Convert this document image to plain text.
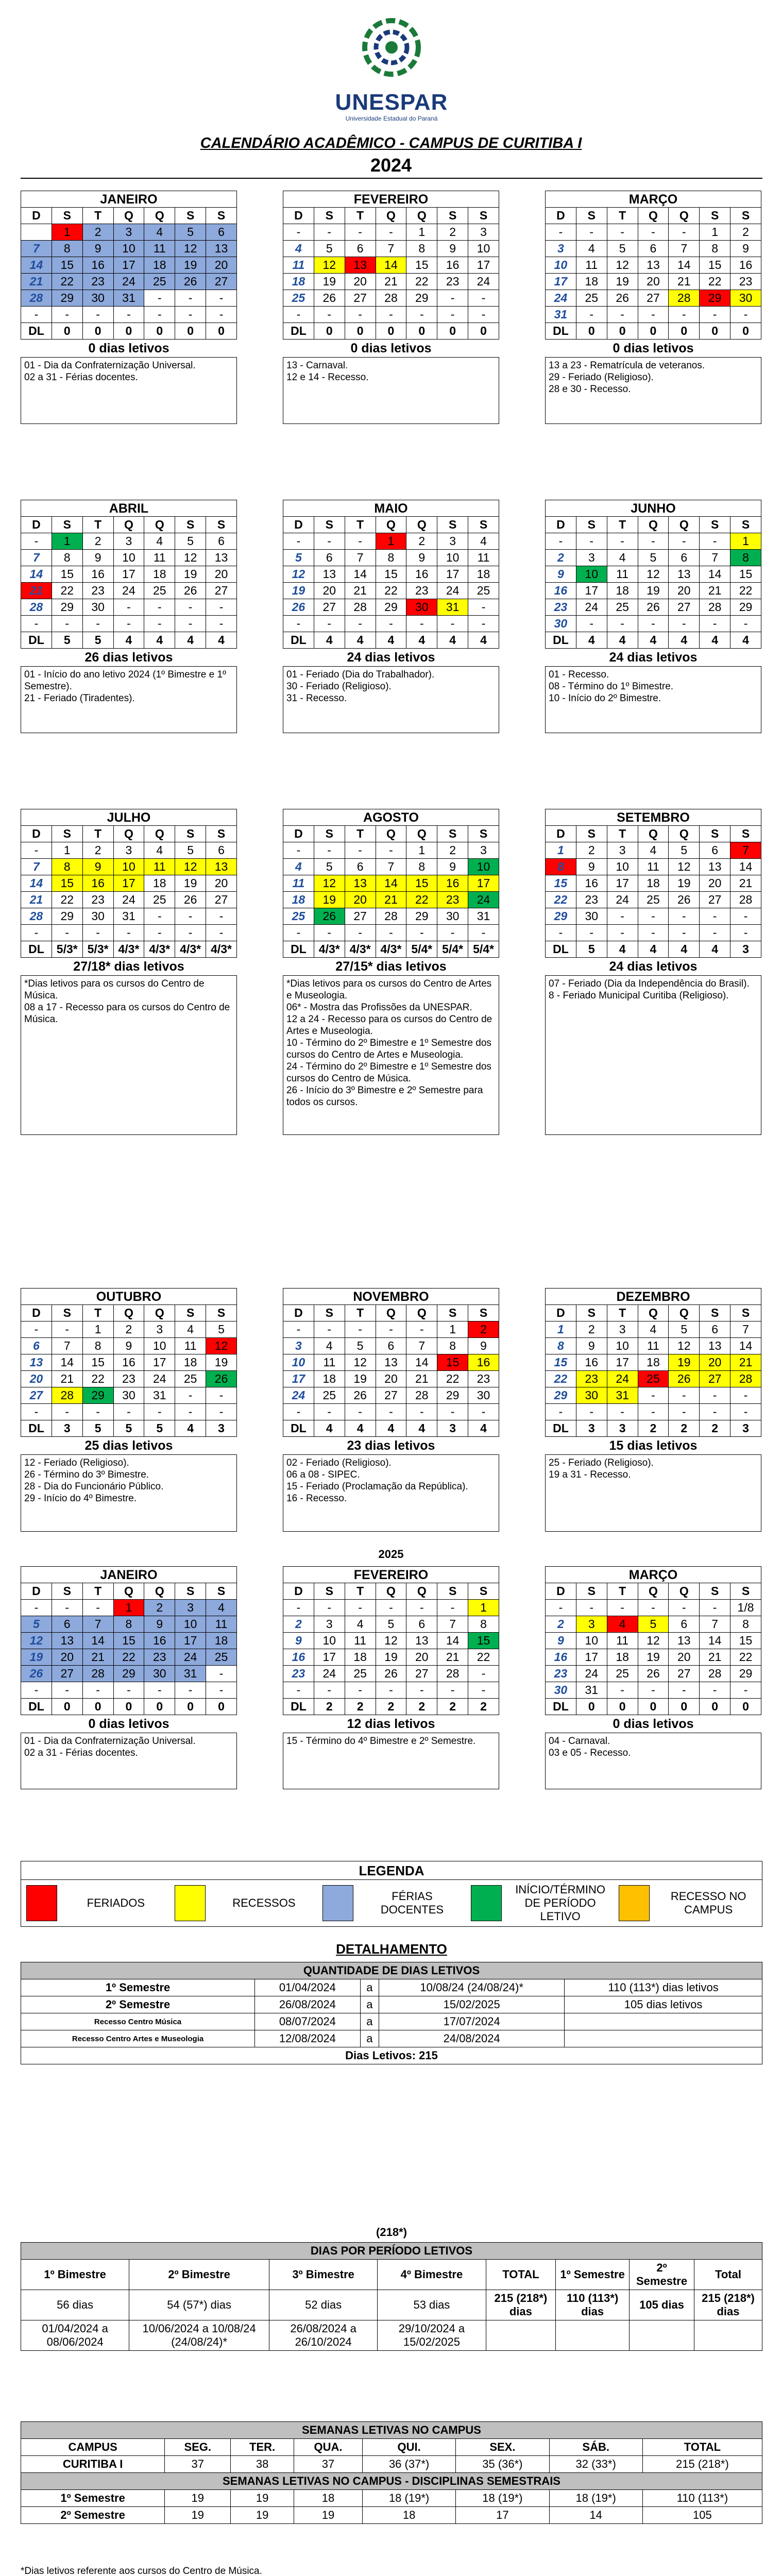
UNESPAR
Universidade Estadual do Paraná
CALENDÁRIO ACADÊMICO - CAMPUS DE CURITIBA I
2024
2025
JANEIRO
D	S	T	Q	Q	S	S
	1	2	3	4	5	6
7	8	9	10	11	12	13
14	15	16	17	18	19	20
21	22	23	24	25	26	27
28	29	30	31	-	-	-
-	-	-	-	-	-	-
DL	0	0	0	0	0	0
0 dias letivos
01 - Dia da Confraternização Universal.
02 a 31 - Férias docentes.
FEVEREIRO
D	S	T	Q	Q	S	S
-	-	-	-	1	2	3
4	5	6	7	8	9	10
11	12	13	14	15	16	17
18	19	20	21	22	23	24
25	26	27	28	29	-	-
-	-	-	-	-	-	-
DL	0	0	0	0	0	0
0 dias letivos
13 - Carnaval.
12 e 14 - Recesso.
MARÇO
D	S	T	Q	Q	S	S
-	-	-	-	-	1	2
3	4	5	6	7	8	9
10	11	12	13	14	15	16
17	18	19	20	21	22	23
24	25	26	27	28	29	30
31	-	-	-	-	-	-
DL	0	0	0	0	0	0
0 dias letivos
13 a 23 - Rematrícula de veteranos.
29 - Feriado (Religioso).
28 e 30 - Recesso.
ABRIL
D	S	T	Q	Q	S	S
-	1	2	3	4	5	6
7	8	9	10	11	12	13
14	15	16	17	18	19	20
21	22	23	24	25	26	27
28	29	30	-	-	-	-
-	-	-	-	-	-	-
DL	5	5	4	4	4	4
26 dias letivos
01 - Início do ano letivo 2024 (1º Bimestre e 1º Semestre).
21 - Feriado (Tiradentes).
MAIO
D	S	T	Q	Q	S	S
-	-	-	1	2	3	4
5	6	7	8	9	10	11
12	13	14	15	16	17	18
19	20	21	22	23	24	25
26	27	28	29	30	31	-
-	-	-	-	-	-	-
DL	4	4	4	4	4	4
24 dias letivos
01 - Feriado (Dia do Trabalhador).
30 - Feriado (Religioso).
31 - Recesso.
JUNHO
D	S	T	Q	Q	S	S
-	-	-	-	-	-	1
2	3	4	5	6	7	8
9	10	11	12	13	14	15
16	17	18	19	20	21	22
23	24	25	26	27	28	29
30	-	-	-	-	-	-
DL	4	4	4	4	4	4
24 dias letivos
01 - Recesso.
08 - Término do 1º Bimestre.
10 - Início do 2º Bimestre.
JULHO
D	S	T	Q	Q	S	S
-	1	2	3	4	5	6
7	8	9	10	11	12	13
14	15	16	17	18	19	20
21	22	23	24	25	26	27
28	29	30	31	-	-	-
-	-	-	-	-	-	-
DL	5/3*	5/3*	4/3*	4/3*	4/3*	4/3*
27/18* dias letivos
*Dias letivos para os cursos do Centro de Música.
08 a 17 - Recesso para os cursos do Centro de Música.
AGOSTO
D	S	T	Q	Q	S	S
-	-	-	-	1	2	3
4	5	6	7	8	9	10
11	12	13	14	15	16	17
18	19	20	21	22	23	24
25	26	27	28	29	30	31
-	-	-	-	-	-	-
DL	4/3*	4/3*	4/3*	5/4*	5/4*	5/4*
27/15* dias letivos
*Dias letivos para os cursos do Centro de Artes e Museologia.
06* - Mostra das Profissões da UNESPAR.
12 a 24 - Recesso para os cursos do Centro de Artes e Museologia.
10 - Término do 2º Bimestre e 1º Semestre dos cursos do Centro de Artes e Museologia.
24 - Término do 2º Bimestre e 1º Semestre dos cursos do Centro de Música.
26 - Início do 3º Bimestre e 2º Semestre para todos os cursos.
SETEMBRO
D	S	T	Q	Q	S	S
1	2	3	4	5	6	7
8	9	10	11	12	13	14
15	16	17	18	19	20	21
22	23	24	25	26	27	28
29	30	-	-	-	-	-
-	-	-	-	-	-	-
DL	5	4	4	4	4	3
24 dias letivos
07 - Feriado (Dia da Independência do Brasil).
8 - Feriado Municipal Curitiba (Religioso).
OUTUBRO
D	S	T	Q	Q	S	S
-	-	1	2	3	4	5
6	7	8	9	10	11	12
13	14	15	16	17	18	19
20	21	22	23	24	25	26
27	28	29	30	31	-	-
-	-	-	-	-	-	-
DL	3	5	5	5	4	3
25 dias letivos
12 - Feriado (Religioso).
26 - Término do 3º Bimestre.
28 - Dia do Funcionário Público.
29 - Início do 4º Bimestre.
NOVEMBRO
D	S	T	Q	Q	S	S
-	-	-	-	-	1	2
3	4	5	6	7	8	9
10	11	12	13	14	15	16
17	18	19	20	21	22	23
24	25	26	27	28	29	30
-	-	-	-	-	-	-
DL	4	4	4	4	3	4
23 dias letivos
02 - Feriado (Religioso).
06 a 08 - SIPEC.
15 - Feriado (Proclamação da República).
16 - Recesso.
DEZEMBRO
D	S	T	Q	Q	S	S
1	2	3	4	5	6	7
8	9	10	11	12	13	14
15	16	17	18	19	20	21
22	23	24	25	26	27	28
29	30	31	-	-	-	-
-	-	-	-	-	-	-
DL	3	3	2	2	2	3
15 dias letivos
25 - Feriado (Religioso).
19 a 31 - Recesso.
JANEIRO
D	S	T	Q	Q	S	S
-	-	-	1	2	3	4
5	6	7	8	9	10	11
12	13	14	15	16	17	18
19	20	21	22	23	24	25
26	27	28	29	30	31	-
-	-	-	-	-	-	-
DL	0	0	0	0	0	0
0 dias letivos
01 - Dia da Confraternização Universal.
02 a 31 - Férias docentes.
FEVEREIRO
D	S	T	Q	Q	S	S
-	-	-	-	-	-	1
2	3	4	5	6	7	8
9	10	11	12	13	14	15
16	17	18	19	20	21	22
23	24	25	26	27	28	-
-	-	-	-	-	-	-
DL	2	2	2	2	2	2
12 dias letivos
15 - Término do 4º Bimestre e 2º Semestre.
MARÇO
D	S	T	Q	Q	S	S
-	-	-	-	-	-	1/8
2	3	4	5	6	7	8
9	10	11	12	13	14	15
16	17	18	19	20	21	22
23	24	25	26	27	28	29
30	31	-	-	-	-	-
DL	0	0	0	0	0	0
0 dias letivos
04 - Carnaval.
03 e 05 - Recesso.
LEGENDA
FERIADOS	RECESSOS
FÉRIAS DOCENTES
INÍCIO/TÉRMINO DE PERÍODO LETIVO
RECESSO NO CAMPUS
DETALHAMENTO
QUANTIDADE DE DIAS LETIVOS				
1º Semestre	01/04/2024	a	10/08/24 (24/08/24)*	110 (113*) dias letivos
2º Semestre	26/08/2024	a	15/02/2025	105 dias letivos
Recesso Centro Música	08/07/2024	a	17/07/2024	
Recesso Centro Artes e Museologia	12/08/2024	a	24/08/2024	
Dias Letivos: 215				
(218*)
DIAS POR PERÍODO LETIVOS							
1º Bimestre	2º Bimestre	3º Bimestre	4º Bimestre	TOTAL	1º Semestre	2º Semestre	Total
56 dias	54 (57*) dias	52 dias	53 dias	215 (218*) dias	110 (113*) dias	105 dias	215 (218*) dias
01/04/2024 a 08/06/2024	10/06/2024 a 10/08/24 (24/08/24)*	26/08/2024 a 26/10/2024	29/10/2024 a 15/02/2025				
SEMANAS LETIVAS NO CAMPUS							
CAMPUS	SEG.	TER.	QUA.	QUI.	SEX.	SÁB.	TOTAL
CURITIBA I	37	38	37	36 (37*)	35 (36*)	32 (33*)	215 (218*)
SEMANAS LETIVAS NO CAMPUS - DISCIPLINAS SEMESTRAIS							
1º Semestre	19	19	18	18 (19*)	18 (19*)	18 (19*)	110 (113*)
2º Semestre	19	19	19	18	17	14	105
*Dias letivos referente aos cursos do Centro de Música.
